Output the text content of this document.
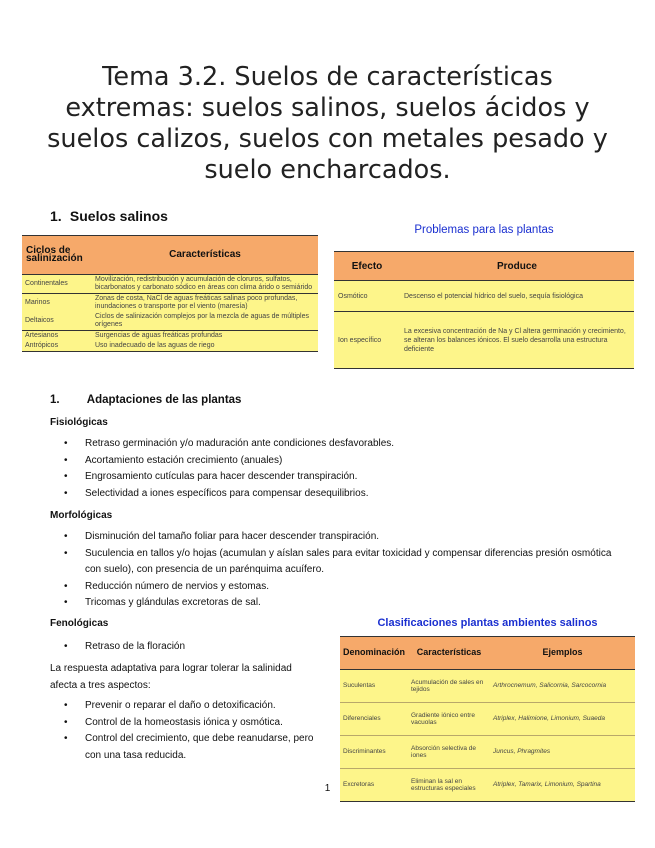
Tema 3.2. Suelos de características extremas: suelos salinos, suelos ácidos y suelos calizos, suelos con metales pesado y suelo encharcados.
1. Suelos salinos
Ciclos de salinización	Características
Continentales	Movilización, redistribución y acumulación de cloruros, sulfatos, bicarbonatos y carbonato sódico en áreas con clima árido o semiárido
Marinos	Zonas de costa, NaCl de aguas freáticas salinas poco profundas, inundaciones o transporte por el viento (maresía)
Deltaicos	Ciclos de salinización complejos por la mezcla de aguas de múltiples orígenes
Artesianos	Surgencias de aguas freáticas profundas
Antrópicos	Uso inadecuado de las aguas de riego

Problemas para las plantas

Efecto	Produce
Osmótico	Descenso el potencial hídrico del suelo, sequía fisiológica
Ion específico	La excesiva concentración de Na y Cl altera germinación y crecimiento, se alteran los balances iónicos. El suelo desarrolla una estructura deficiente
1. Adaptaciones de las plantas

Fisiológicas

• Retraso germinación y/o maduración ante condiciones desfavorables.
• Acortamiento estación crecimiento (anuales)
• Engrosamiento cutículas para hacer descender transpiración.
• Selectividad a iones específicos para compensar desequilibrios.

Morfológicas

• Disminución del tamaño foliar para hacer descender transpiración.
• Suculencia en tallos y/o hojas (acumulan y aíslan sales para evitar toxicidad y compensar diferencias presión osmótica con suelo), con presencia de un parénquima acuífero.
• Reducción número de nervios y estomas.
• Tricomas y glándulas excretoras de sal.

Fenológicas

• Retraso de la floración

La respuesta adaptativa para lograr tolerar la salinidad afecta a tres aspectos:

• Prevenir o reparar el daño o detoxificación.
• Control de la homeostasis iónica y osmótica.
• Control del crecimiento, que debe reanudarse, pero con una tasa reducida.

Clasificaciones plantas ambientes salinos

Denominación	Características	Ejemplos
Suculentas	Acumulación de sales en tejidos	Arthrocnemum, Salicornia, Sarcocornia
Diferenciales	Gradiente iónico entre vacuolas	Atriplex, Halimione, Limonium, Suaeda
Discriminantes	Absorción selectiva de iones	Juncus, Phragmites
Excretoras	Eliminan la sal en estructuras especiales	Atriplex, Tamarix, Limonium, Spartina

1
